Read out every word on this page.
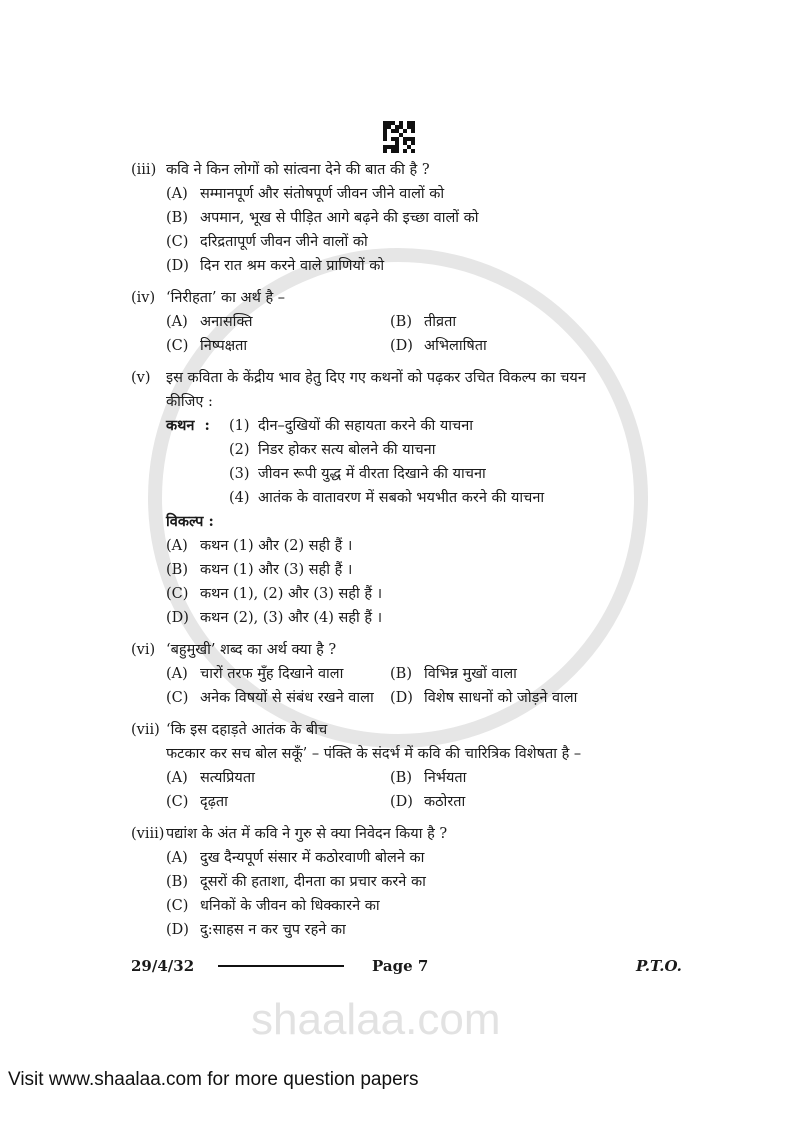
(iii) कवि ने किन लोगों को सांत्वना देने की बात की है ?
(A) सम्मानपूर्ण और संतोषपूर्ण जीवन जीने वालों को
(B) अपमान, भूख से पीड़ित आगे बढ़ने की इच्छा वालों को
(C) दरिद्रतापूर्ण जीवन जीने वालों को
(D) दिन रात श्रम करने वाले प्राणियों को
(iv) ‘निरीहता’ का अर्थ है –
(A) अनासक्ति	(B) तीव्रता
(C) निष्पक्षता	(D) अभिलाषिता
(v)	इस कविता के केंद्रीय भाव हेतु दिए गए कथनों को पढ़कर उचित विकल्प का चयन
कीजिए :
कथन  :	(1) दीन–दुखियों की सहायता करने की याचना
(2) निडर होकर सत्य बोलने की याचना
(3) जीवन रूपी युद्ध में वीरता दिखाने की याचना
(4) आतंक के वातावरण में सबको भयभीत करने की याचना
विकल्प :
(A) कथन (1) और (2) सही हैं ।
(B) कथन (1) और (3) सही हैं ।
(C) कथन (1), (2) और (3) सही हैं ।
(D) कथन (2), (3) और (4) सही हैं ।
(vi) ‘बहुमुखी’ शब्द का अर्थ क्या है ?
(A) चारों तरफ मुँह दिखाने वाला	(B) विभिन्न मुखों वाला
(C) अनेक विषयों से संबंध रखने वाला	(D) विशेष साधनों को जोड़ने वाला
(vii) ‘कि इस दहाड़ते आतंक के बीच
फटकार कर सच बोल सकूँ’ – पंक्ति के संदर्भ में कवि की चारित्रिक विशेषता है –
(A) सत्यप्रियता	(B) निर्भयता
(C) दृढ़ता	(D) कठोरता
(viii) पद्यांश के अंत में कवि ने गुरु से क्या निवेदन किया है ?
(A) दुख दैन्यपूर्ण संसार में कठोरवाणी बोलने का
(B) दूसरों की हताशा, दीनता का प्रचार करने का
(C) धनिकों के जीवन को धिक्कारने का
(D) दु:साहस न कर चुप रहने का
29/4/32	Page 7	P.T.O.
shaalaa.com
Visit www.shaalaa.com for more question papers
